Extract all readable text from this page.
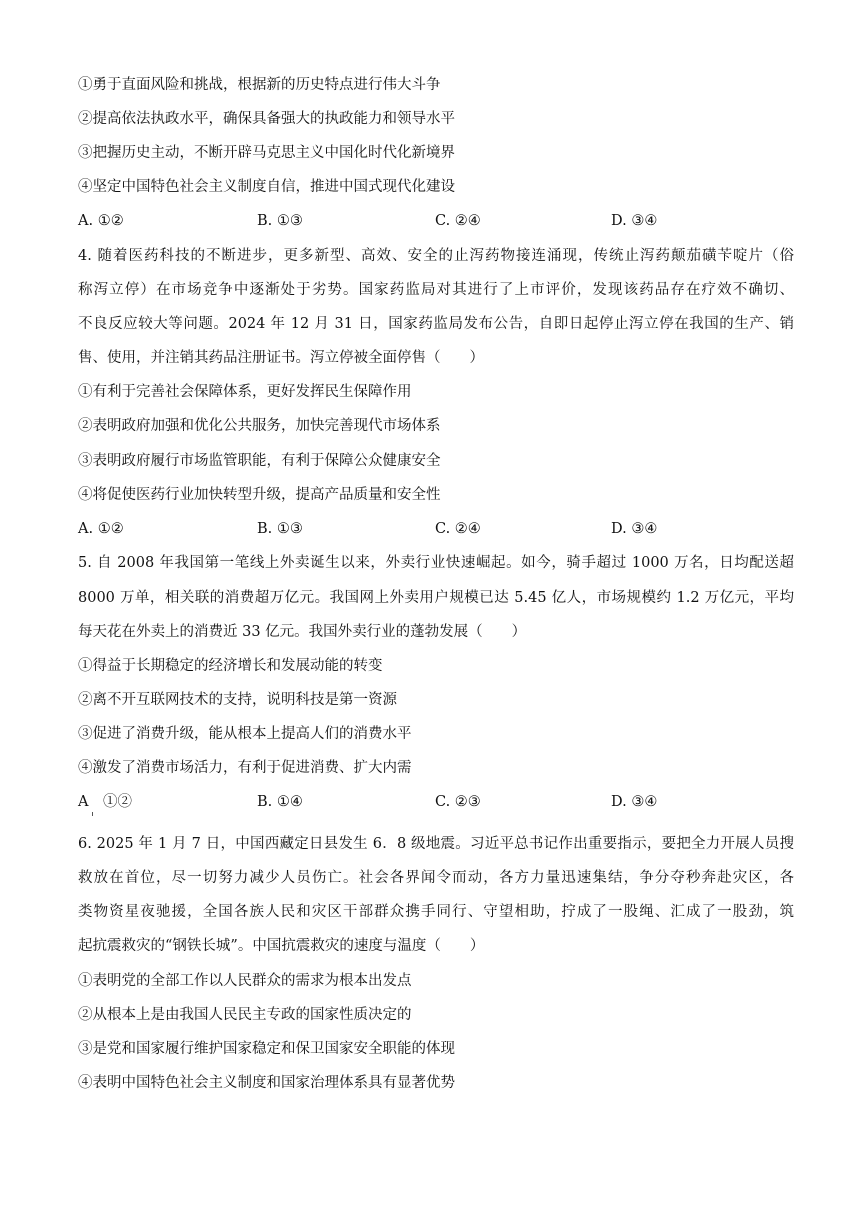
①勇于直面风险和挑战，根据新的历史特点进行伟大斗争
②提高依法执政水平，确保具备强大的执政能力和领导水平
③把握历史主动，不断开辟马克思主义中国化时代化新境界
④坚定中国特色社会主义制度自信，推进中国式现代化建设
A. ①②	B. ①③	C. ②④	D. ③④
4. 随着医药科技的不断进步，更多新型、高效、安全的止泻药物接连涌现，传统止泻药颠茄磺苄啶片（俗
称泻立停）在市场竞争中逐渐处于劣势。国家药监局对其进行了上市评价，发现该药品存在疗效不确切、
不良反应较大等问题。2024 年 12 月 31 日，国家药监局发布公告，自即日起停止泻立停在我国的生产、销
售、使用，并注销其药品注册证书。泻立停被全面停售（　　）
①有利于完善社会保障体系，更好发挥民生保障作用
②表明政府加强和优化公共服务，加快完善现代市场体系
③表明政府履行市场监管职能，有利于保障公众健康安全
④将促使医药行业加快转型升级，提高产品质量和安全性
A. ①②	B. ①③	C. ②④	D. ③④
5. 自 2008 年我国第一笔线上外卖诞生以来，外卖行业快速崛起。如今，骑手超过 1000 万名，日均配送超
8000 万单，相关联的消费超万亿元。我国网上外卖用户规模已达 5.45 亿人，市场规模约 1.2 万亿元，平均
每天花在外卖上的消费近 33 亿元。我国外卖行业的蓬勃发展（　　）
①得益于长期稳定的经济增长和发展动能的转变
②离不开互联网技术的支持，说明科技是第一资源
③促进了消费升级，能从根本上提高人们的消费水平
④激发了消费市场活力，有利于促进消费、扩大内需
A　①②	B. ①④	C. ②③	D. ③④
6. 2025 年 1 月 7 日，中国西藏定日县发生 6．8 级地震。习近平总书记作出重要指示，要把全力开展人员搜
救放在首位，尽一切努力减少人员伤亡。社会各界闻令而动，各方力量迅速集结，争分夺秒奔赴灾区，各
类物资星夜驰援，全国各族人民和灾区干部群众携手同行、守望相助，拧成了一股绳、汇成了一股劲，筑
起抗震救灾的“钢铁长城”。中国抗震救灾的速度与温度（　　）
①表明党的全部工作以人民群众的需求为根本出发点
②从根本上是由我国人民民主专政的国家性质决定的
③是党和国家履行维护国家稳定和保卫国家安全职能的体现
④表明中国特色社会主义制度和国家治理体系具有显著优势
